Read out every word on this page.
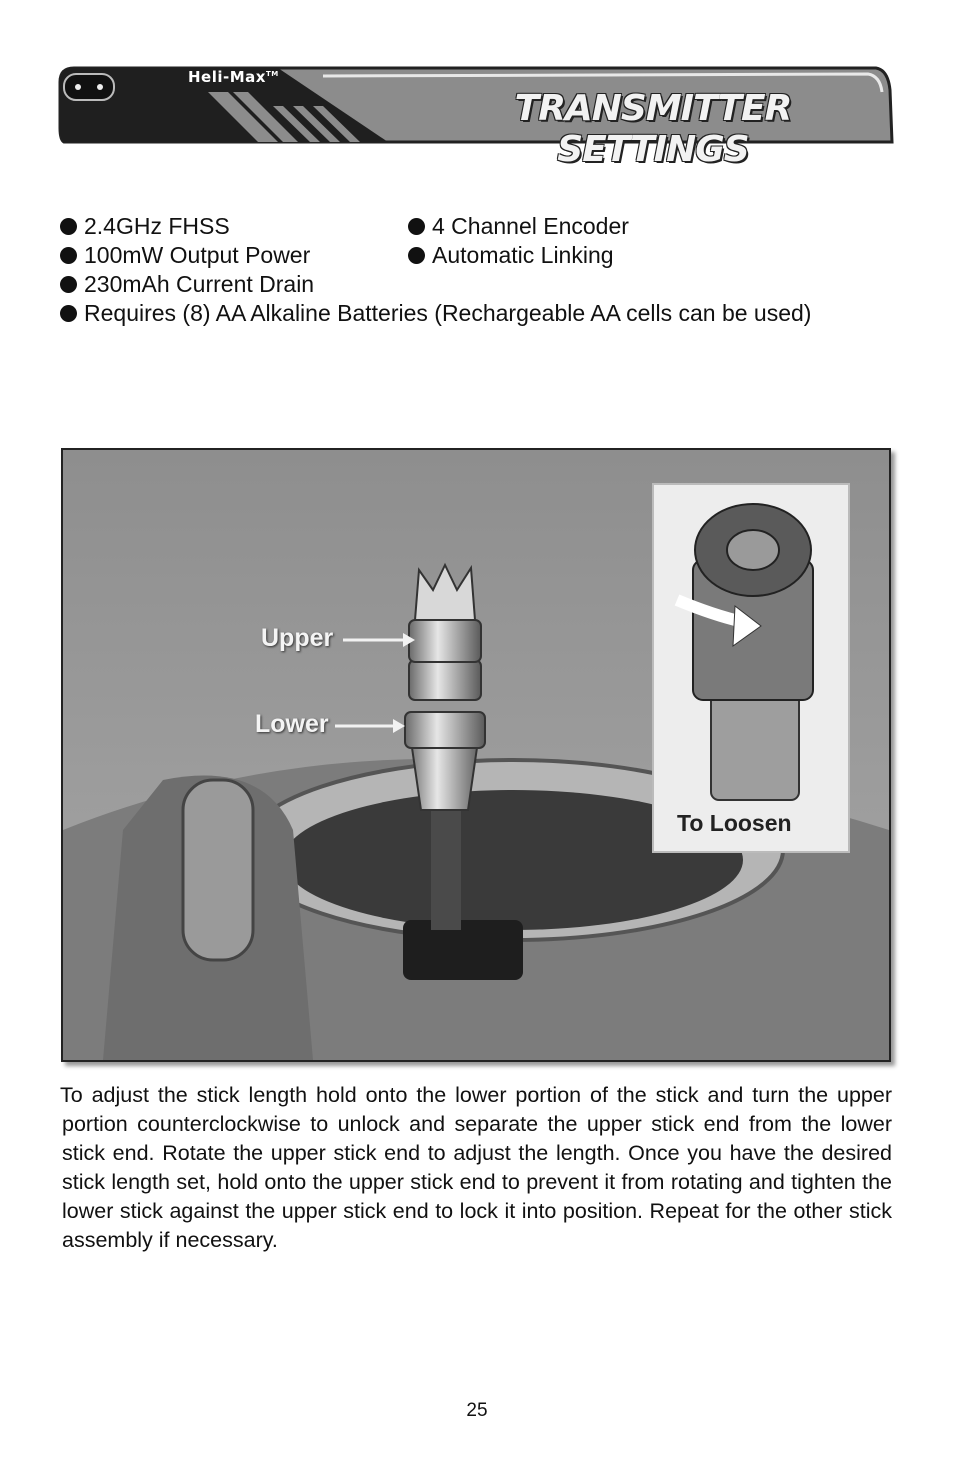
Heli-Max™
TRANSMITTER SETTINGS
2.4GHz FHSS	4 Channel Encoder
100mW Output Power	Automatic Linking
230mAh Current Drain
Requires (8) AA Alkaline Batteries (Rechargeable AA cells can be used)
Upper
Lower
To Loosen
To adjust the stick length hold onto the lower portion of the stick and turn the upper portion counterclockwise to unlock and separate the upper stick end from the lower stick end. Rotate the upper stick end to adjust the length. Once you have the desired stick length set, hold onto the upper stick end to prevent it from rotating and tighten the lower stick against the upper stick end to lock it into position. Repeat for the other stick assembly if necessary.
25
